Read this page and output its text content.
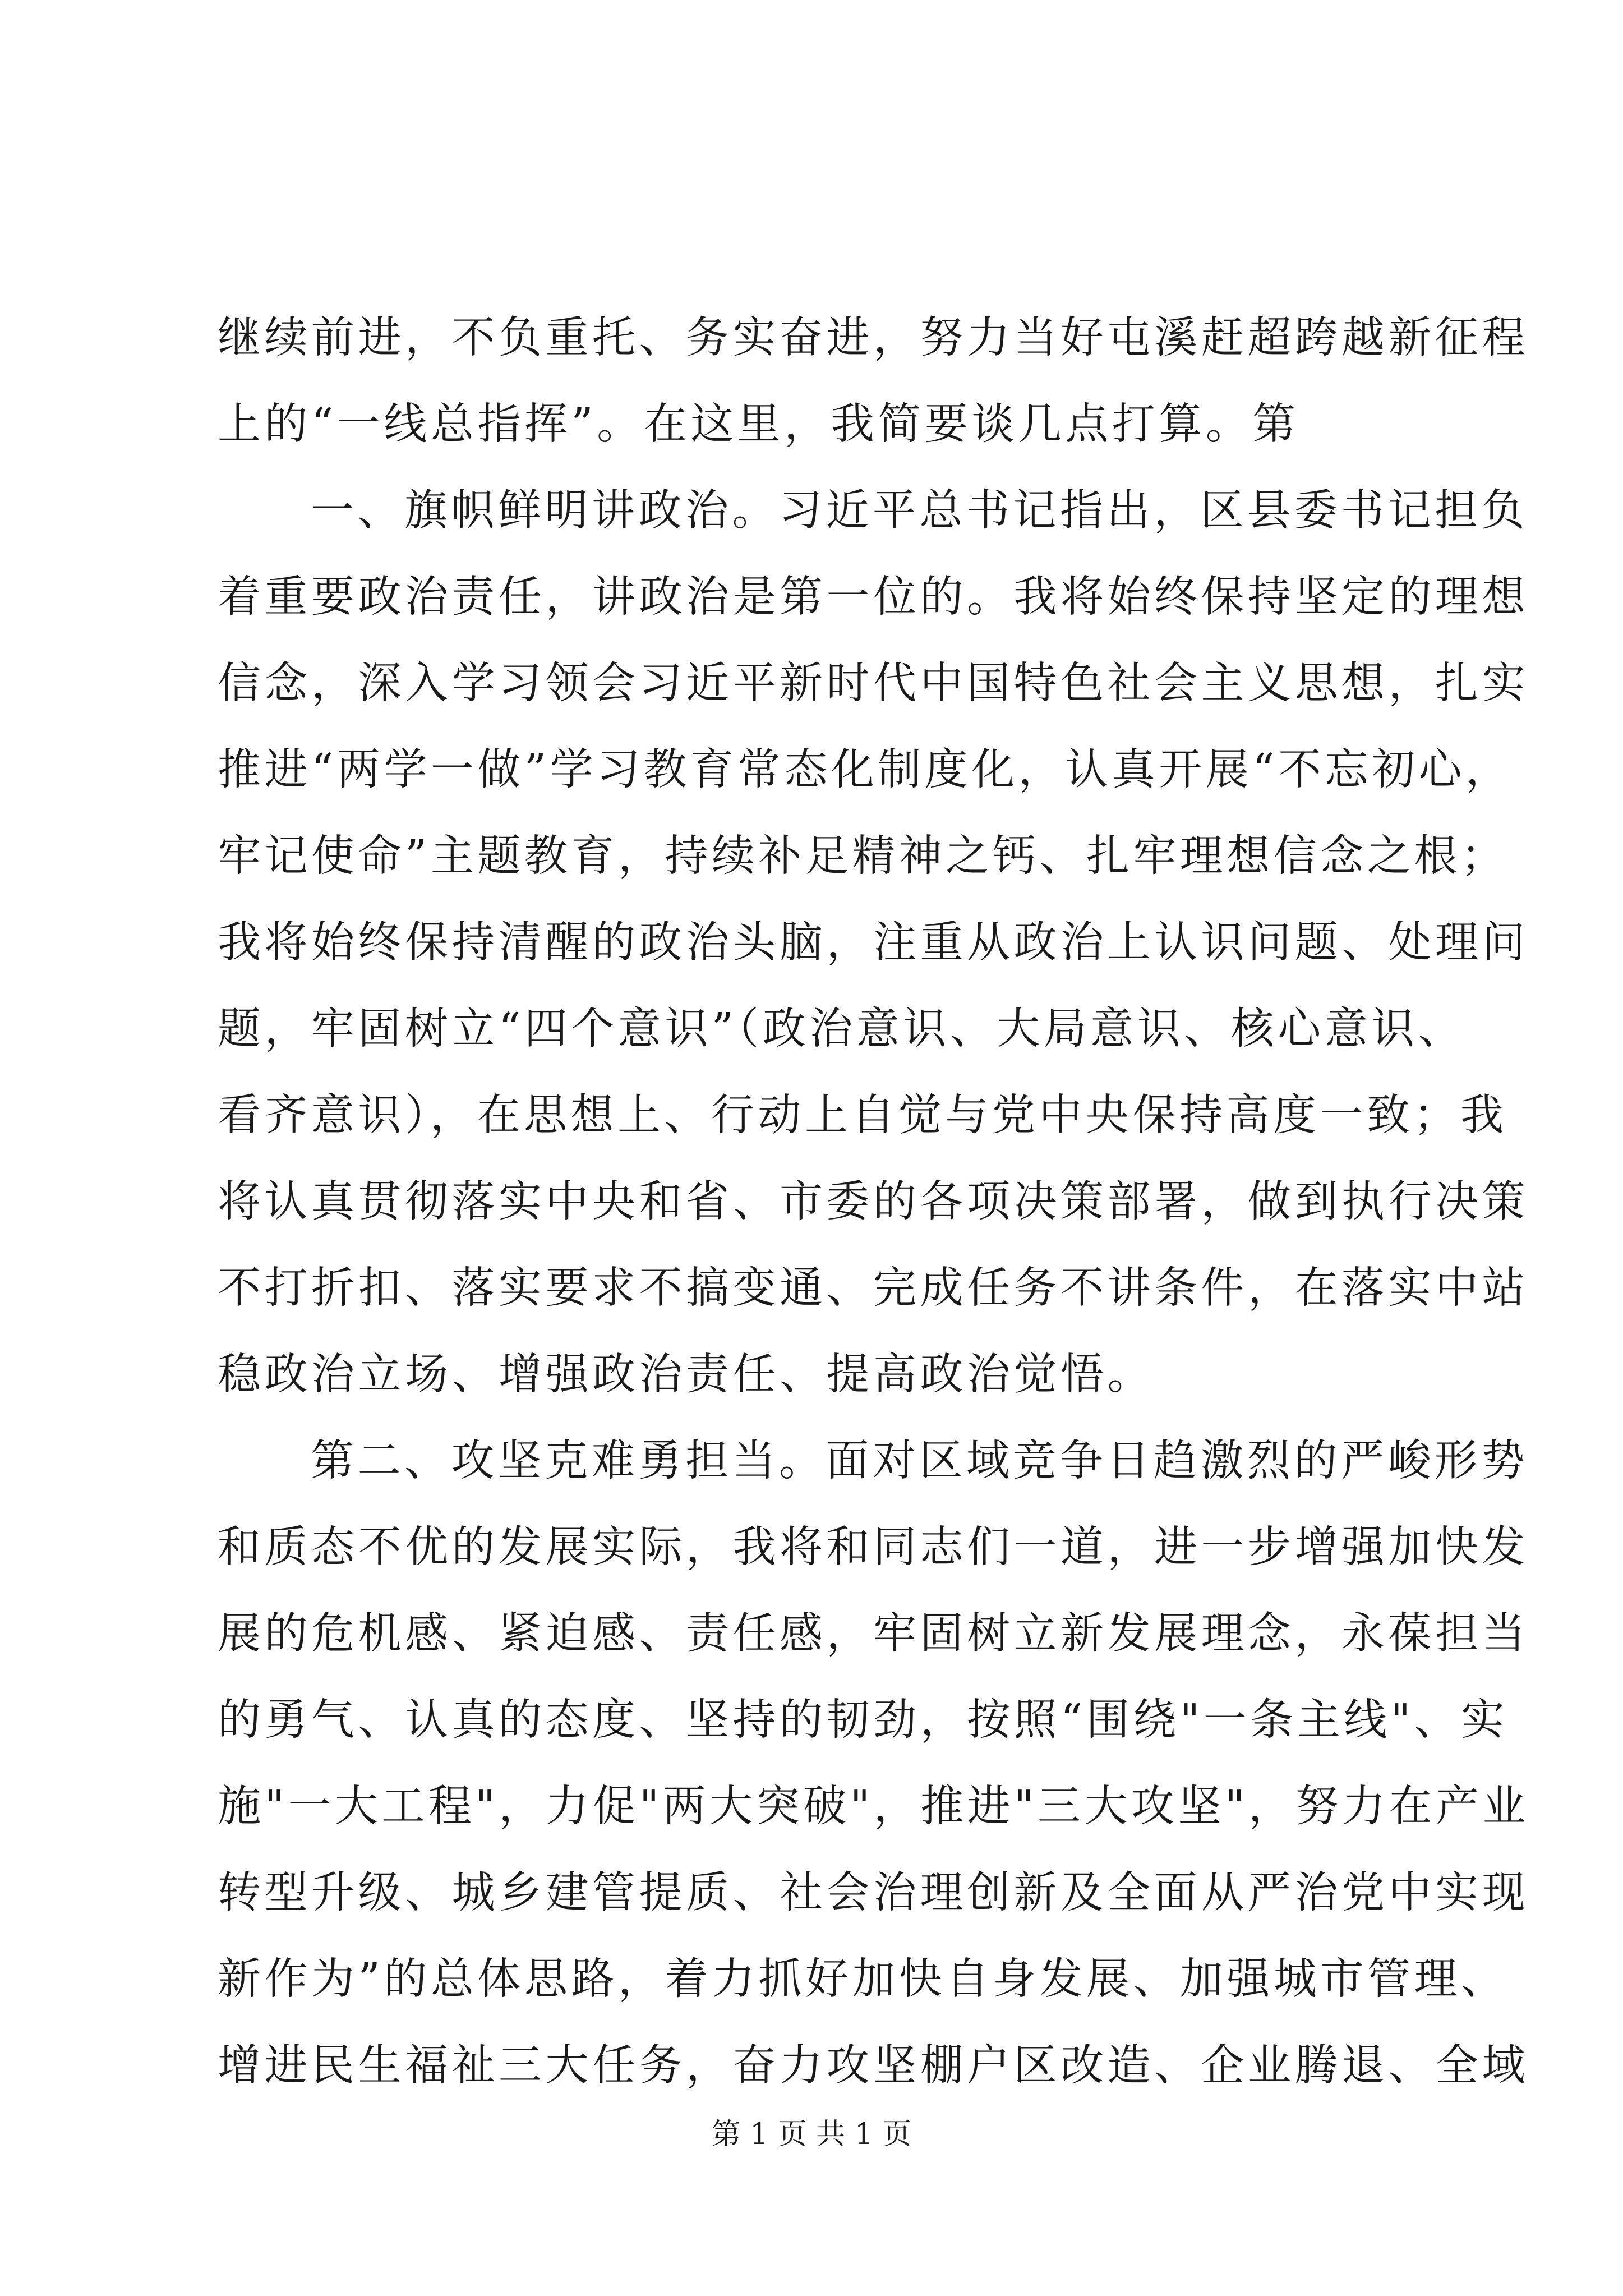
继续前进，不负重托、务实奋进，努力当好屯溪赶超跨越新征程
上的“一线总指挥”。在这里，我简要谈几点打算。第
一、旗帜鲜明讲政治。习近平总书记指出，区县委书记担负
着重要政治责任，讲政治是第一位的。我将始终保持坚定的理想
信念，深入学习领会习近平新时代中国特色社会主义思想，扎实
推进“两学一做”学习教育常态化制度化，认真开展“不忘初心，
牢记使命”主题教育，持续补足精神之钙、扎牢理想信念之根；
我将始终保持清醒的政治头脑，注重从政治上认识问题、处理问
题，牢固树立“四个意识”（政治意识、大局意识、核心意识、
看齐意识），在思想上、行动上自觉与党中央保持高度一致；我
将认真贯彻落实中央和省、市委的各项决策部署，做到执行决策
不打折扣、落实要求不搞变通、完成任务不讲条件，在落实中站
稳政治立场、增强政治责任、提高政治觉悟。
第二、攻坚克难勇担当。面对区域竞争日趋激烈的严峻形势
和质态不优的发展实际，我将和同志们一道，进一步增强加快发
展的危机感、紧迫感、责任感，牢固树立新发展理念，永葆担当
的勇气、认真的态度、坚持的韧劲，按照“围绕"一条主线"、实
施"一大工程"，力促"两大突破"，推进"三大攻坚"，努力在产业
转型升级、城乡建管提质、社会治理创新及全面从严治党中实现
新作为”的总体思路，着力抓好加快自身发展、加强城市管理、
增进民生福祉三大任务，奋力攻坚棚户区改造、企业腾退、全域
第 1 页 共 1 页
